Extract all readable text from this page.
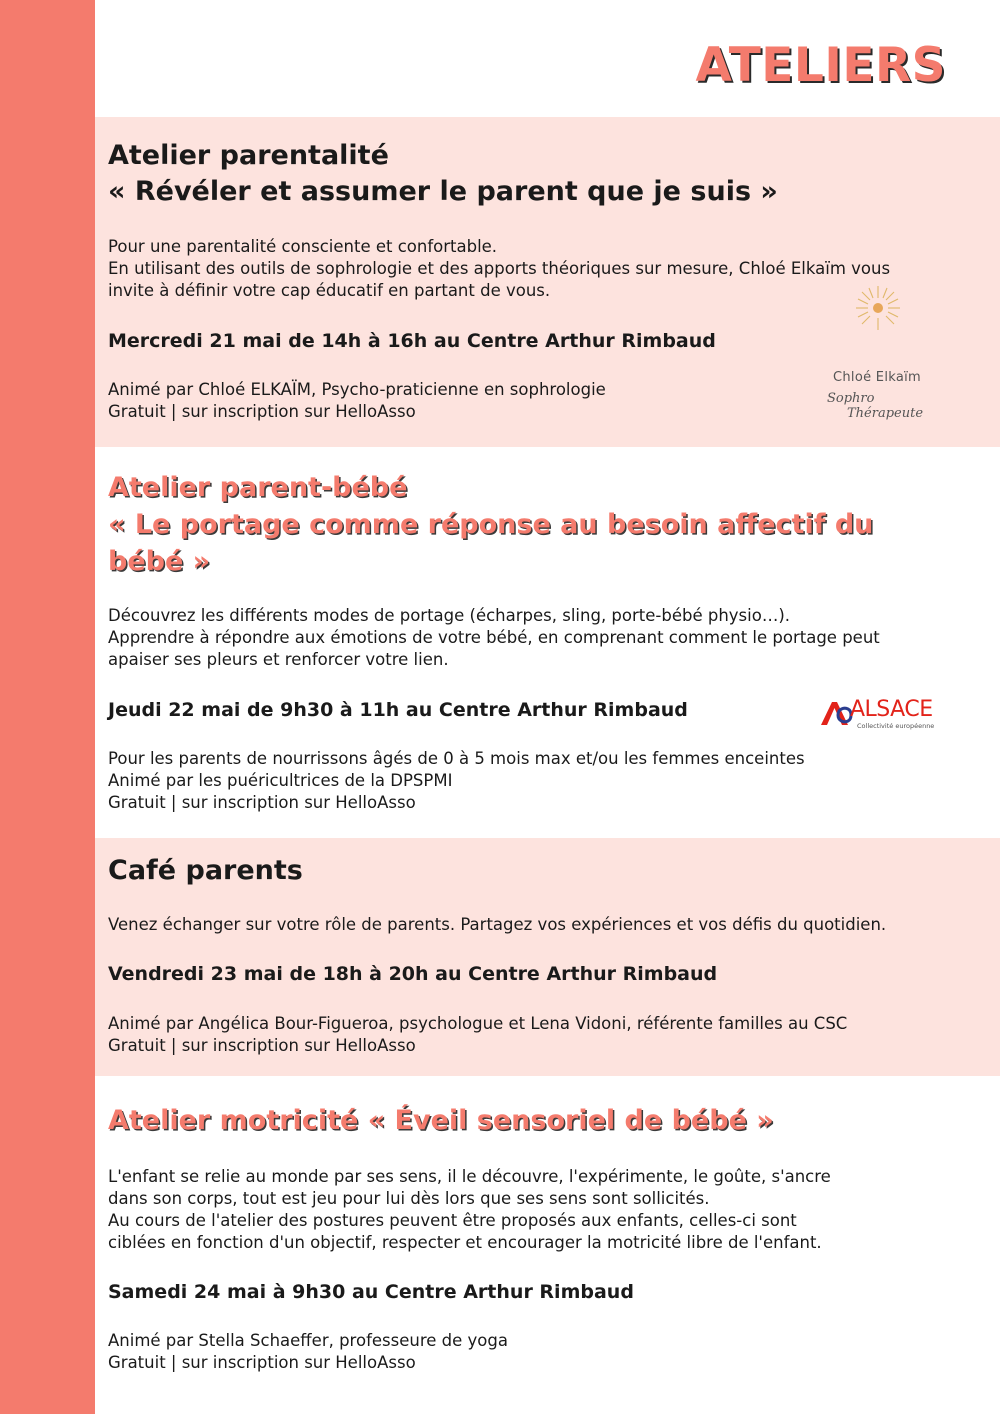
ATELIERS
Atelier parentalité
« Révéler et assumer le parent que je suis »

Pour une parentalité consciente et confortable.

En utilisant des outils de sophrologie et des apports théoriques sur mesure, Chloé Elkaïm vous

invite à définir votre cap éducatif en partant de vous.

Mercredi 21 mai de 14h à 16h au Centre Arthur Rimbaud

Animé par Chloé ELKAÏM, Psycho-praticienne en sophrologie

Gratuit | sur inscription sur HelloAsso

Chloé Elkaïm
Sophro
Thérapeute
Atelier parent-bébé
« Le portage comme réponse au besoin affectif du
bébé »

Découvrez les différents modes de portage (écharpes, sling, porte-bébé physio…).

Apprendre à répondre aux émotions de votre bébé, en comprenant comment le portage peut

apaiser ses pleurs et renforcer votre lien.

Jeudi 22 mai de 9h30 à 11h au Centre Arthur Rimbaud

Pour les parents de nourrissons âgés de 0 à 5 mois max et/ou les femmes enceintes

Animé par les puéricultrices de la DPSPMI

Gratuit | sur inscription sur HelloAsso

ALSACE
Collectivité européenne
Café parents

Venez échanger sur votre rôle de parents. Partagez vos expériences et vos défis du quotidien.

Vendredi 23 mai de 18h à 20h au Centre Arthur Rimbaud

Animé par Angélica Bour-Figueroa, psychologue et Lena Vidoni, référente familles au CSC

Gratuit | sur inscription sur HelloAsso

Atelier motricité « Éveil sensoriel de bébé »

L'enfant se relie au monde par ses sens, il le découvre, l'expérimente, le goûte, s'ancre

dans son corps, tout est jeu pour lui dès lors que ses sens sont sollicités.

Au cours de l'atelier des postures peuvent être proposés aux enfants, celles-ci sont

ciblées en fonction d'un objectif, respecter et encourager la motricité libre de l'enfant.

Samedi 24 mai à 9h30 au Centre Arthur Rimbaud

Animé par Stella Schaeffer, professeure de yoga

Gratuit | sur inscription sur HelloAsso
